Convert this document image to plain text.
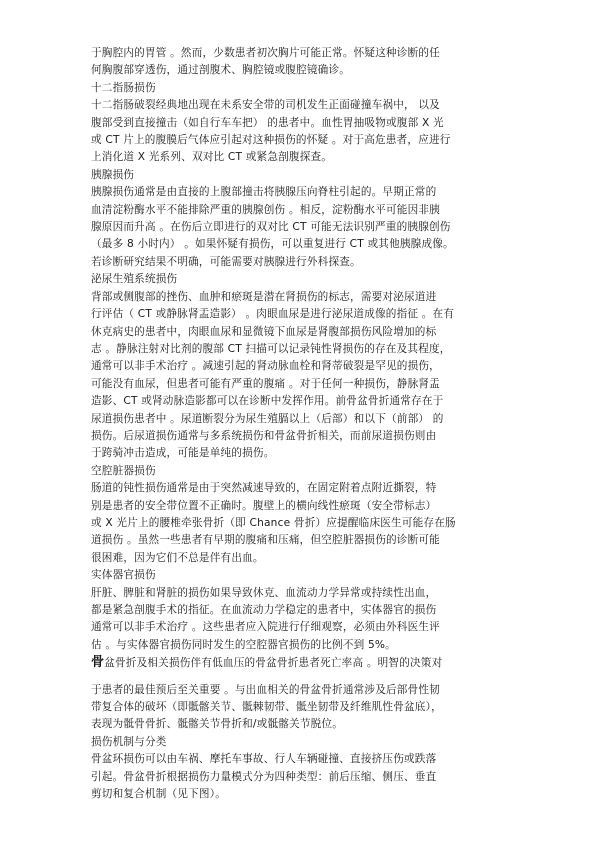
于胸腔内的胃管 。然而，少数患者初次胸片可能正常。怀疑这种诊断的任

何胸腹部穿透伤，通过剖腹术、胸腔镜或腹腔镜确诊。

十二指肠损伤

十二指肠破裂经典地出现在未系安全带的司机发生正面碰撞车祸中， 以及

腹部受到直接撞击（如自行车车把） 的患者中。血性胃抽吸物或腹部 X 光

或 CT 片上的腹膜后气体应引起对这种损伤的怀疑 。对于高危患者，应进行

上消化道 X 光系列、双对比 CT 或紧急剖腹探查。

胰腺损伤

胰腺损伤通常是由直接的上腹部撞击将胰腺压向脊柱引起的。早期正常的

血清淀粉酶水平不能排除严重的胰腺创伤 。相反，淀粉酶水平可能因非胰

腺原因而升高 。在伤后立即进行的双对比 CT 可能无法识别严重的胰腺创伤

（最多 8 小时内） 。如果怀疑有损伤，可以重复进行 CT 或其他胰腺成像。

若诊断研究结果不明确，可能需要对胰腺进行外科探查。

泌尿生殖系统损伤

背部或侧腹部的挫伤、血肿和瘀斑是潜在肾损伤的标志，需要对泌尿道进

行评估（ CT 或静脉肾盂造影） 。肉眼血尿是进行泌尿道成像的指征 。在有

休克病史的患者中，肉眼血尿和显微镜下血尿是肾腹部损伤风险增加的标

志 。静脉注射对比剂的腹部 CT 扫描可以记录钝性肾损伤的存在及其程度，

通常可以非手术治疗 。减速引起的肾动脉血栓和肾蒂破裂是罕见的损伤，

可能没有血尿，但患者可能有严重的腹痛 。对于任何一种损伤，静脉肾盂

造影、CT 或肾动脉造影都可以在诊断中发挥作用。前骨盆骨折通常存在于

尿道损伤患者中 。尿道断裂分为尿生殖膈以上（后部）和以下（前部） 的

损伤。后尿道损伤通常与多系统损伤和骨盆骨折相关，而前尿道损伤则由

于跨骑冲击造成，可能是单纯的损伤。

空腔脏器损伤

肠道的钝性损伤通常是由于突然减速导致的，在固定附着点附近撕裂，特

别是患者的安全带位置不正确时。腹壁上的横向线性瘀斑（安全带标志）

或 X 光片上的腰椎牵张骨折（即 Chance 骨折）应提醒临床医生可能存在肠

道损伤 。虽然一些患者有早期的腹痛和压痛，但空腔脏器损伤的诊断可能

很困难，因为它们不总是伴有出血。

实体器官损伤

肝脏、脾脏和肾脏的损伤如果导致休克、血流动力学异常或持续性出血，

都是紧急剖腹手术的指征。在血流动力学稳定的患者中，实体器官的损伤

通常可以非手术治疗 。这些患者应入院进行仔细观察，必须由外科医生评

估 。与实体器官损伤同时发生的空腔器官损伤的比例不到 5%。

骨盆骨折及相关损伤伴有低血压的骨盆骨折患者死亡率高 。明智的决策对

于患者的最佳预后至关重要 。与出血相关的骨盆骨折通常涉及后部骨性韧

带复合体的破坏（即骶髂关节、骶棘韧带、骶坐韧带及纤维肌性骨盆底），

表现为骶骨骨折、骶髂关节骨折和/或骶髂关节脱位。

损伤机制与分类

骨盆环损伤可以由车祸、摩托车事故、行人车辆碰撞、直接挤压伤或跌落

引起。骨盆骨折根据损伤力量模式分为四种类型：前后压缩、侧压、垂直

剪切和复合机制（见下图）。
